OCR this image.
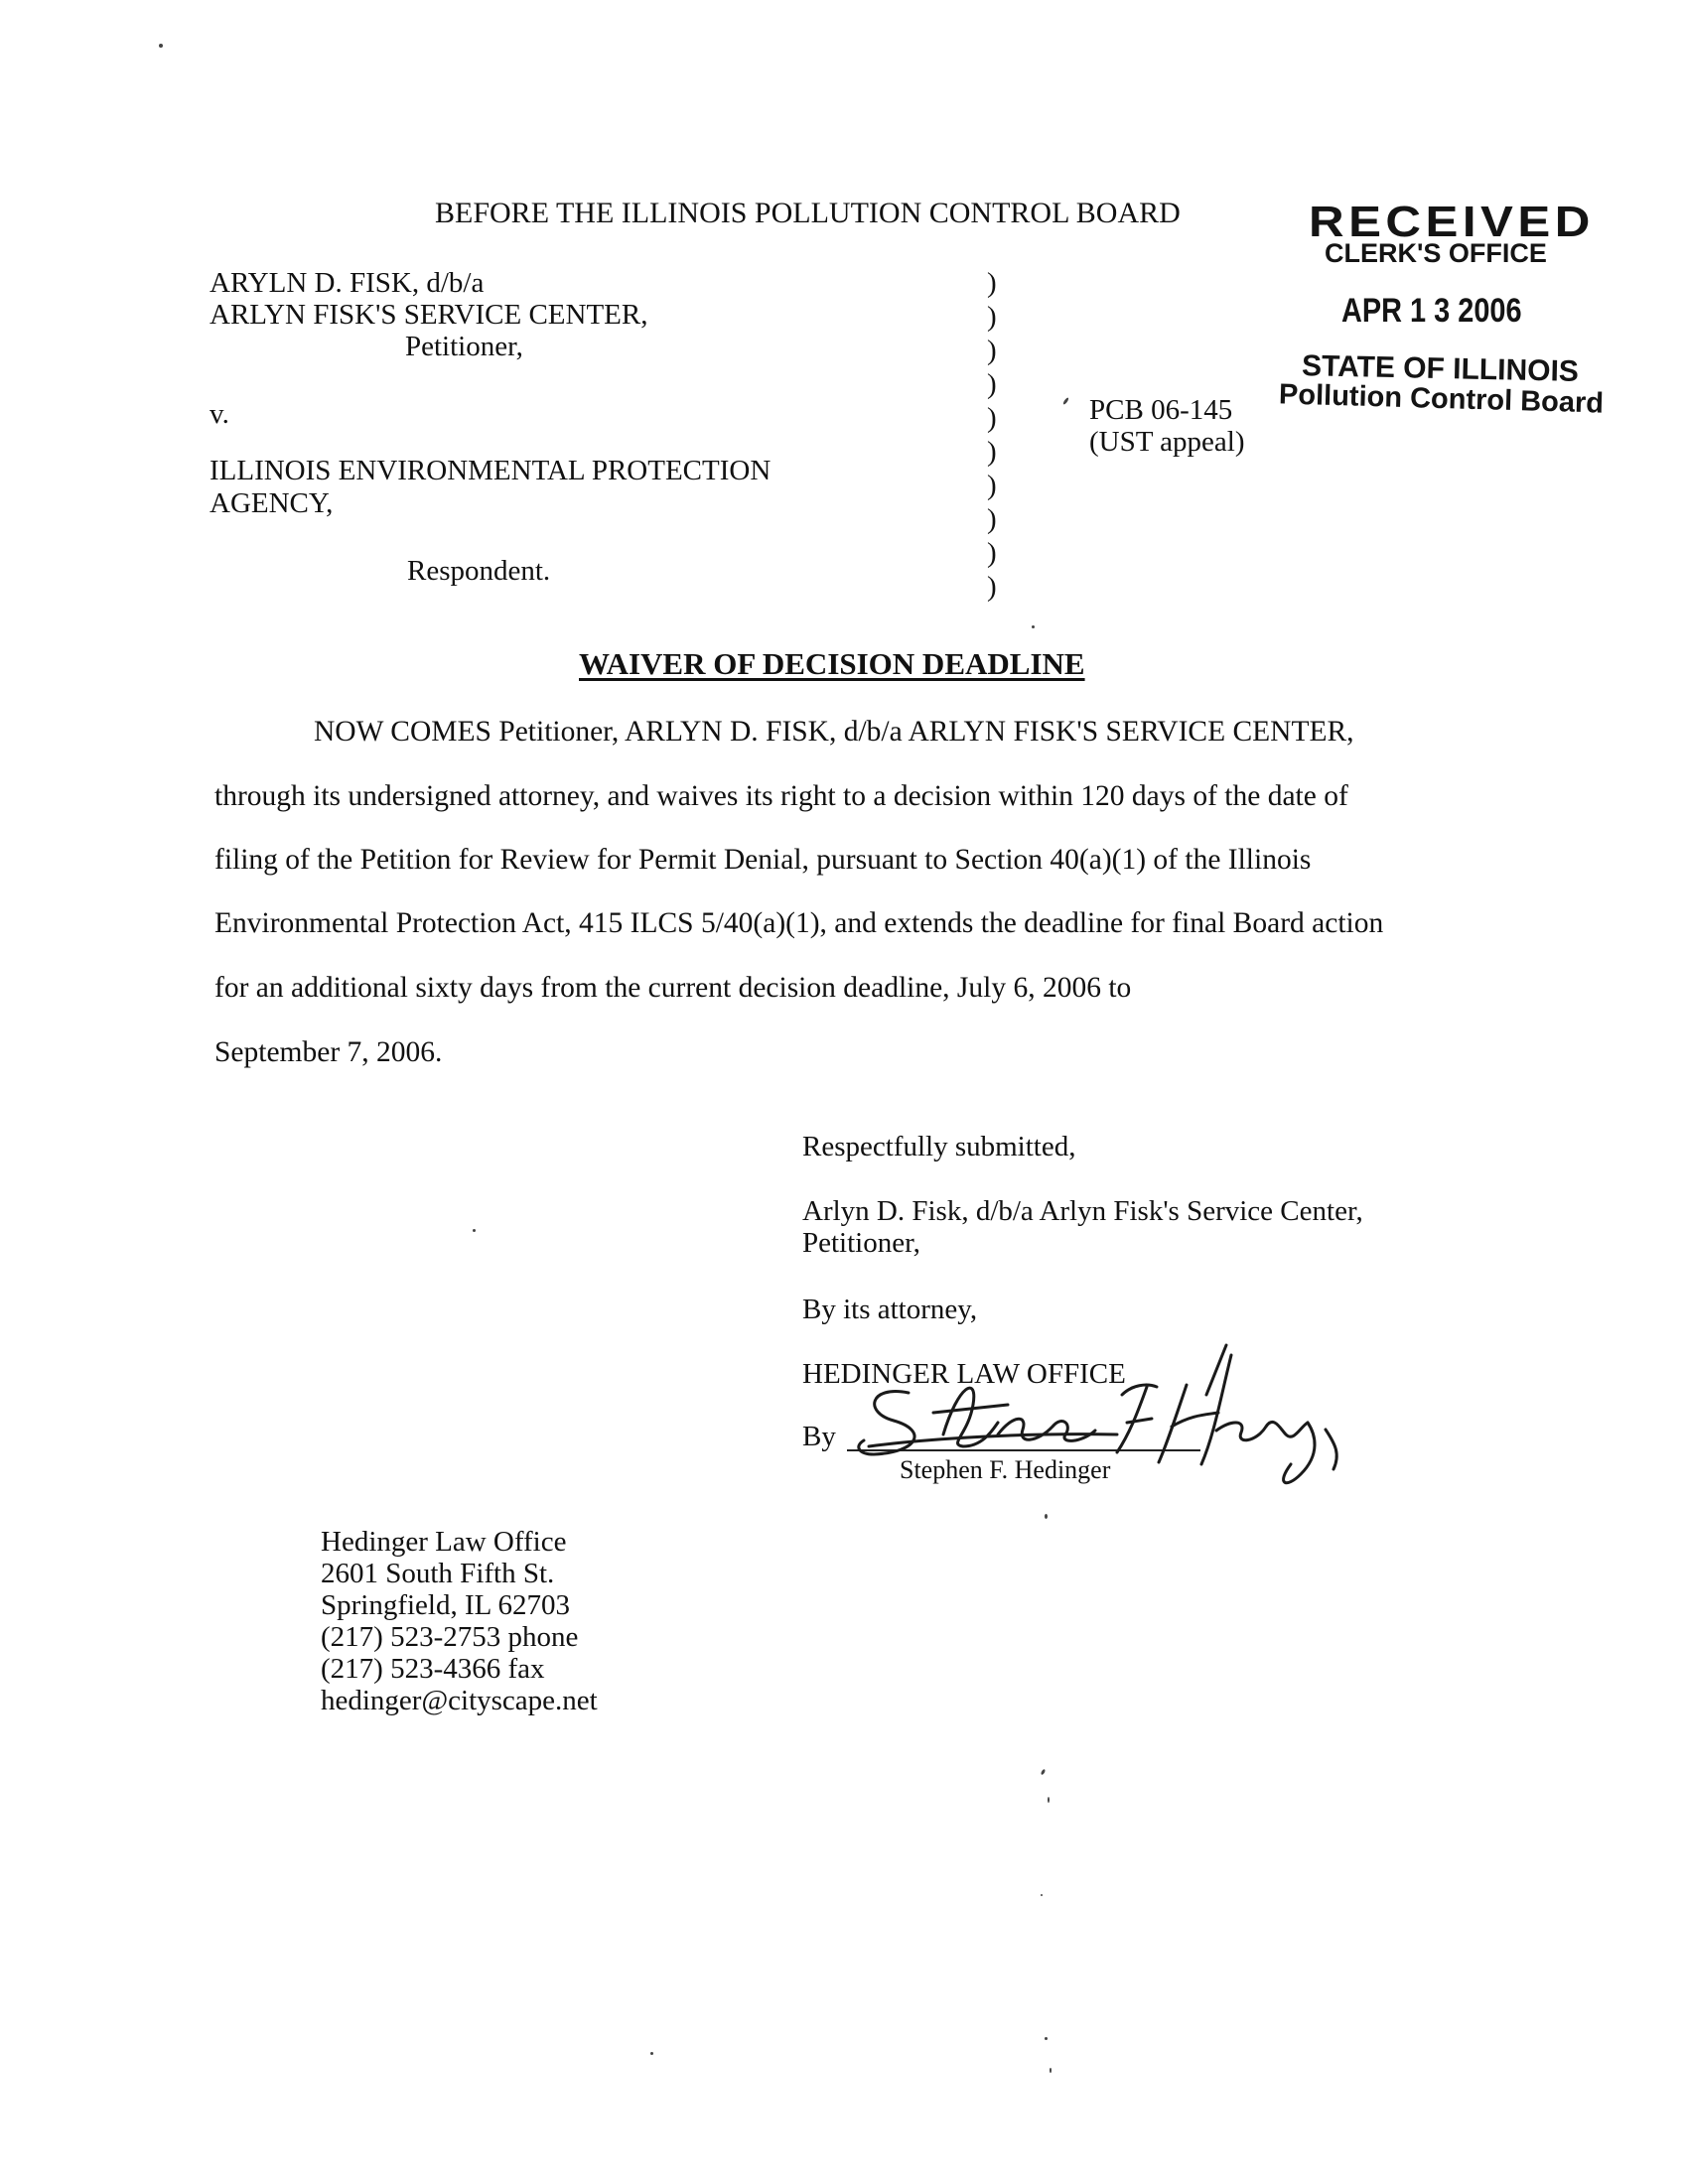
BEFORE THE ILLINOIS POLLUTION CONTROL BOARD	RECEIVED
CLERK'S OFFICE
APR 1 3 2006
STATE OF ILLINOIS
Pollution Control Board
ARYLN D. FISK, d/b/a
ARLYN FISK'S SERVICE CENTER,
Petitioner,
v.
ILLINOIS ENVIRONMENTAL PROTECTION
AGENCY,
Respondent.
)
)
)
)
)
)
)
)
)
)
PCB 06-145
(UST appeal)
WAIVER OF DECISION DEADLINE
NOW COMES Petitioner, ARLYN D. FISK, d/b/a ARLYN FISK'S SERVICE CENTER,
through its undersigned attorney, and waives its right to a decision within 120 days of the date of
filing of the Petition for Review for Permit Denial, pursuant to Section 40(a)(1) of the Illinois
Environmental Protection Act, 415 ILCS 5/40(a)(1), and extends the deadline for final Board action
for an additional sixty days from the current decision deadline, July 6, 2006 to
September 7, 2006.
Respectfully submitted,
Arlyn D. Fisk, d/b/a Arlyn Fisk's Service Center,
Petitioner,
By its attorney,
HEDINGER LAW OFFICE
By
Stephen F. Hedinger
Hedinger Law Office
2601 South Fifth St.
Springfield, IL 62703
(217) 523-2753 phone
(217) 523-4366 fax
hedinger@cityscape.net
